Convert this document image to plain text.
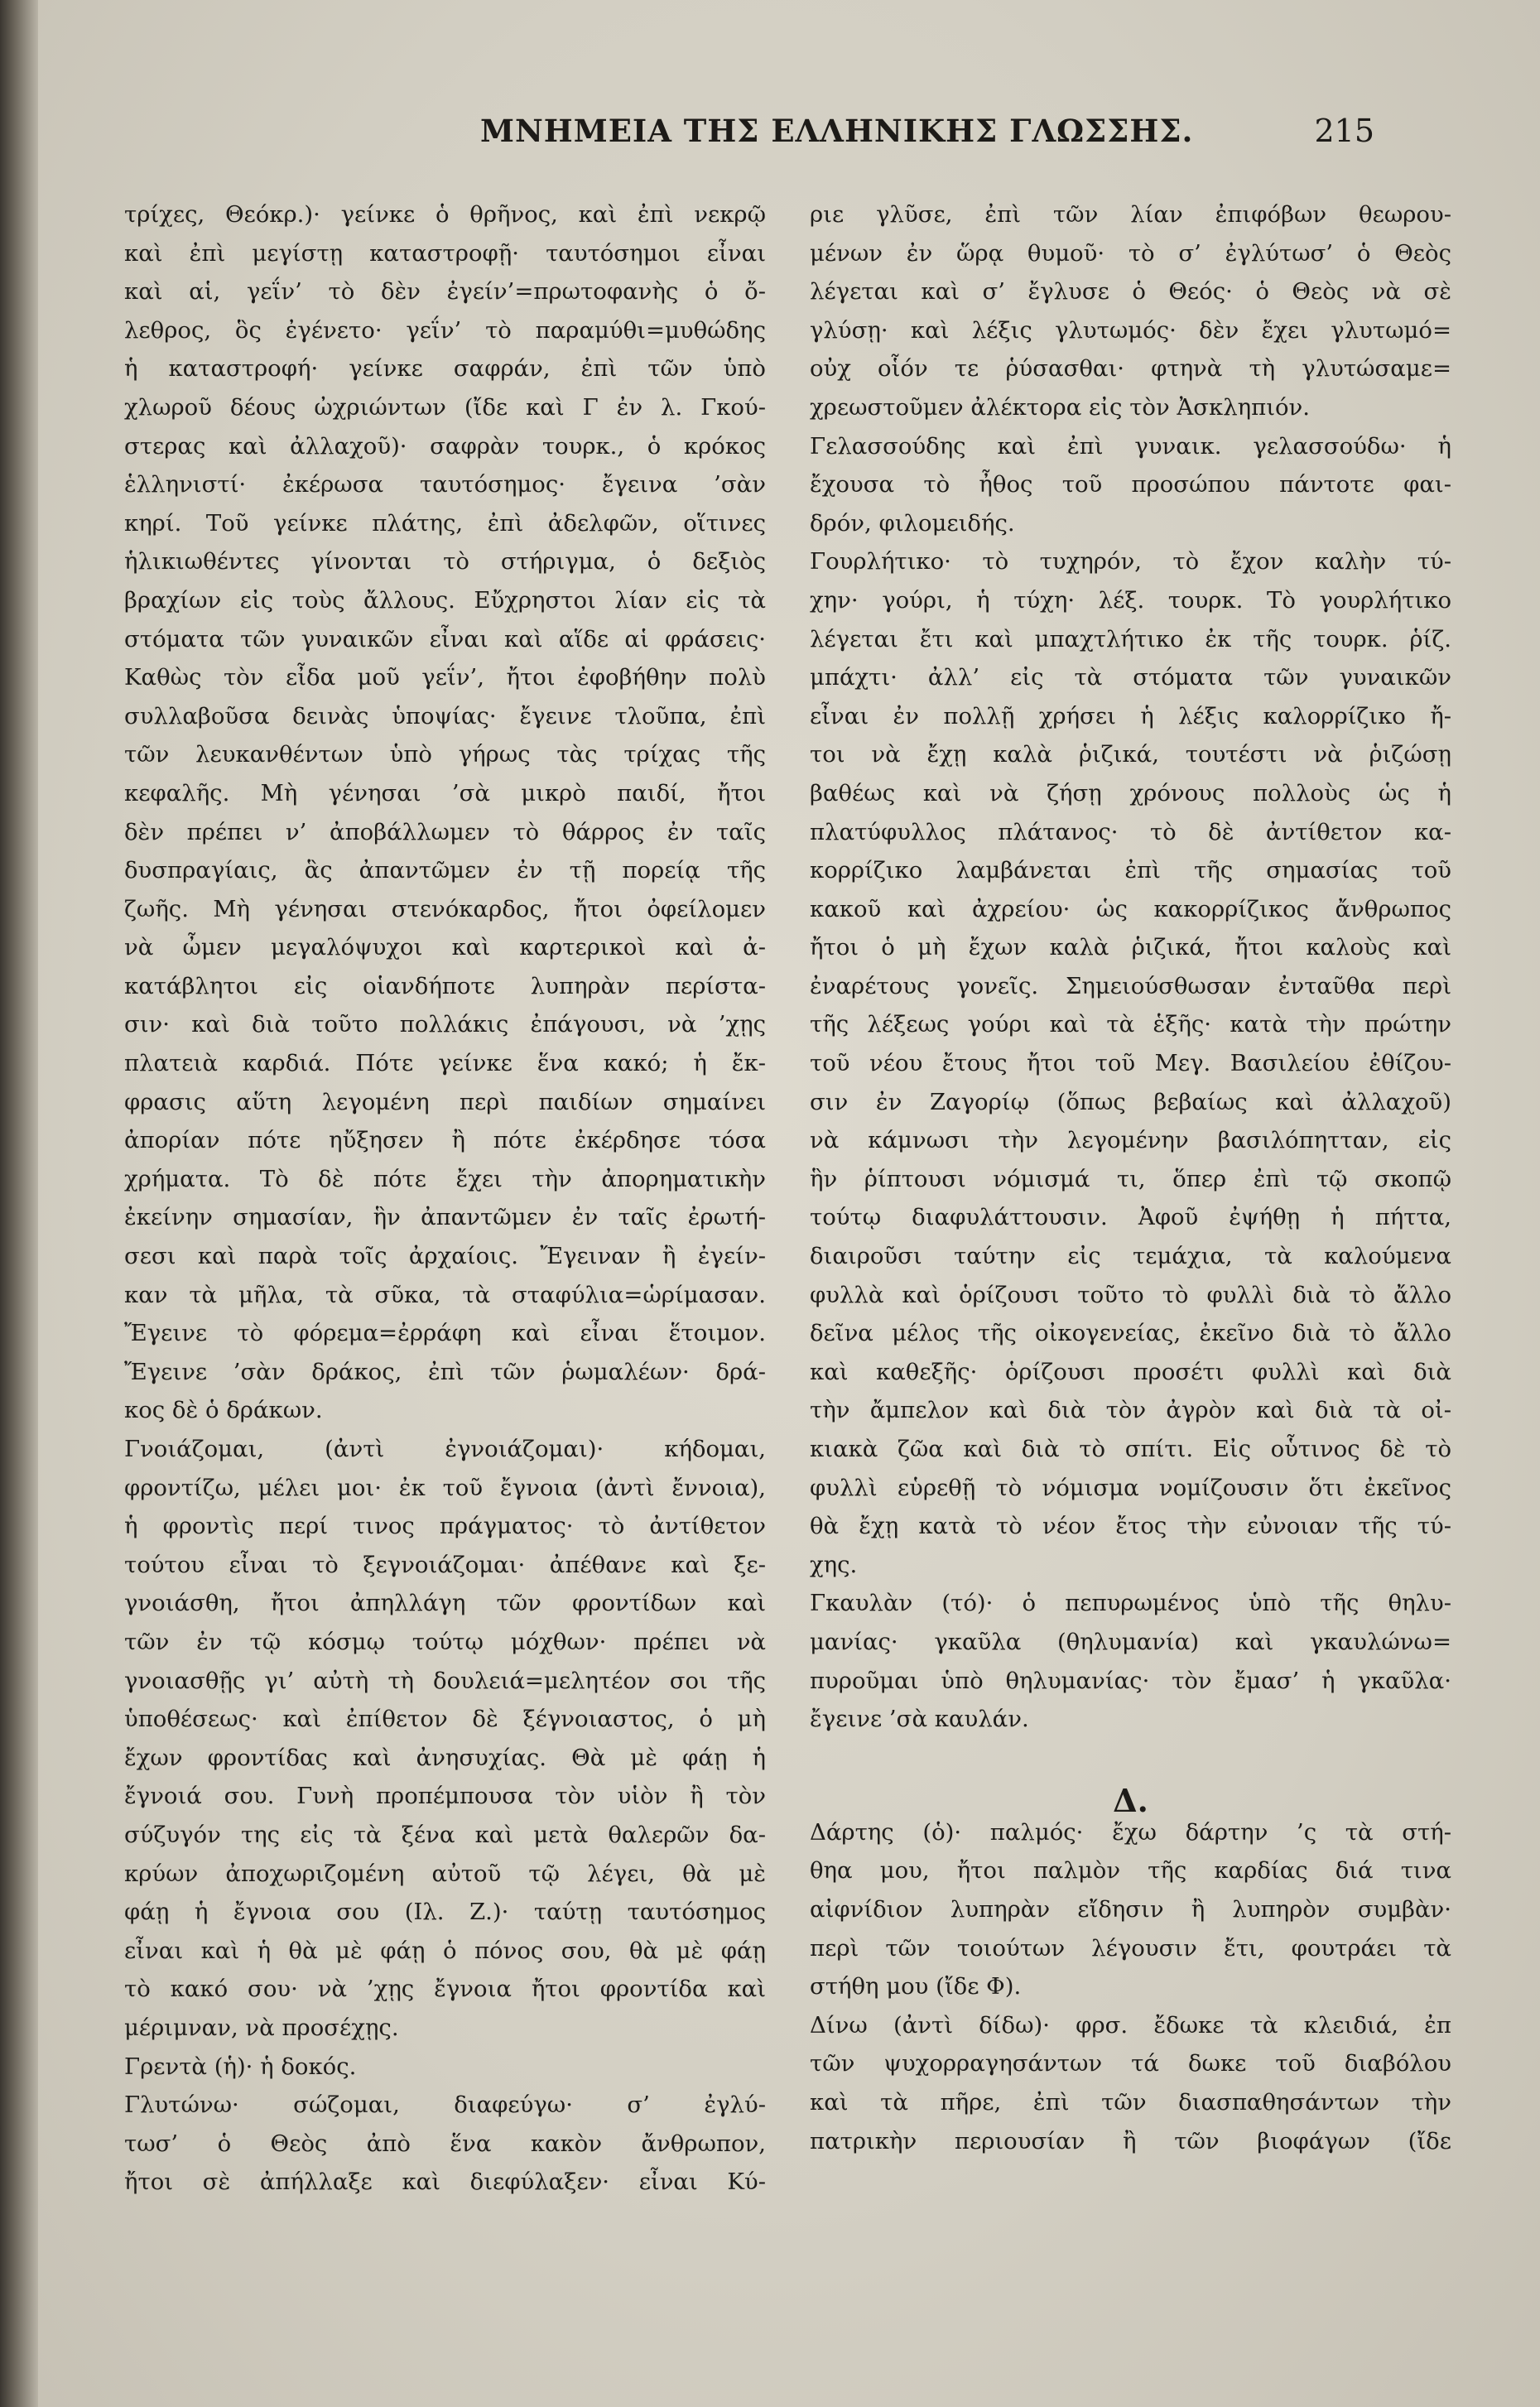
ΜΝΗΜΕΙΑ ΤΗΣ ΕΛΛΗΝΙΚΗΣ ΓΛΩΣΣΗΣ.	215
τρίχες, Θεόκρ.)· γείνκε ὁ θρῆνος, καὶ ἐπὶ νεκρῷ
καὶ ἐπὶ μεγίστῃ καταστροφῇ· ταυτόσημοι εἶναι
καὶ αἱ, γεΐν’ τὸ δὲν ἐγείν’=πρωτοφανὴς ὁ ὄ-
λεθρος, ὃς ἐγένετο· γεΐν’ τὸ παραμύθι=μυθώδης
ἡ καταστροφή· γείνκε σαφράν, ἐπὶ τῶν ὑπὸ
χλωροῦ δέους ὠχριώντων (ἴδε καὶ Γ ἐν λ. Γκού-
στερας καὶ ἀλλαχοῦ)· σαφρὰν τουρκ., ὁ κρόκος
ἑλληνιστί· ἐκέρωσα ταυτόσημος· ἔγεινα ’σὰν
κηρί. Τοῦ γείνκε πλάτης, ἐπὶ ἀδελφῶν, οἵτινες
ἡλικιωθέντες γίνονται τὸ στήριγμα, ὁ δεξιὸς
βραχίων εἰς τοὺς ἄλλους. Εὔχρηστοι λίαν εἰς τὰ
στόματα τῶν γυναικῶν εἶναι καὶ αἵδε αἱ φράσεις·
Καθὼς τὸν εἶδα μοῦ γεΐν’, ἤτοι ἐφοβήθην πολὺ
συλλαβοῦσα δεινὰς ὑποψίας· ἔγεινε τλοῦπα, ἐπὶ
τῶν λευκανθέντων ὑπὸ γήρως τὰς τρίχας τῆς
κεφαλῆς. Μὴ γένησαι ’σὰ μικρὸ παιδί, ἤτοι
δὲν πρέπει ν’ ἀποβάλλωμεν τὸ θάρρος ἐν ταῖς
δυσπραγίαις, ἃς ἀπαντῶμεν ἐν τῇ πορείᾳ τῆς
ζωῆς. Μὴ γένησαι στενόκαρδος, ἤτοι ὀφείλομεν
νὰ ὦμεν μεγαλόψυχοι καὶ καρτερικοὶ καὶ ἀ-
κατάβλητοι εἰς οἱανδήποτε λυπηρὰν περίστα-
σιν· καὶ διὰ τοῦτο πολλάκις ἐπάγουσι, νὰ ’χῃς
πλατειὰ καρδιά. Πότε γείνκε ἕνα κακό; ἡ ἔκ-
φρασις αὕτη λεγομένη περὶ παιδίων σημαίνει
ἀπορίαν πότε ηὔξησεν ἢ πότε ἐκέρδησε τόσα
χρήματα. Τὸ δὲ πότε ἔχει τὴν ἀπορηματικὴν
ἐκείνην σημασίαν, ἣν ἀπαντῶμεν ἐν ταῖς ἐρωτή-
σεσι καὶ παρὰ τοῖς ἀρχαίοις. Ἔγειναν ἢ ἐγείν-
καν τὰ μῆλα, τὰ σῦκα, τὰ σταφύλια=ὡρίμασαν.
Ἔγεινε τὸ φόρεμα=ἐρράφη καὶ εἶναι ἕτοιμον.
Ἔγεινε ’σὰν δράκος, ἐπὶ τῶν ῥωμαλέων· δρά-
κος δὲ ὁ δράκων.
Γνοιάζομαι, (ἀντὶ ἐγνοιάζομαι)· κήδομαι,
φροντίζω, μέλει μοι· ἐκ τοῦ ἔγνοια (ἀντὶ ἔννοια),
ἡ φροντὶς περί τινος πράγματος· τὸ ἀντίθετον
τούτου εἶναι τὸ ξεγνοιάζομαι· ἀπέθανε καὶ ξε-
γνοιάσθη, ἤτοι ἀπηλλάγη τῶν φροντίδων καὶ
τῶν ἐν τῷ κόσμῳ τούτῳ μόχθων· πρέπει νὰ
γνοιασθῇς γι’ αὐτὴ τὴ δουλειά=μελητέον σοι τῆς
ὑποθέσεως· καὶ ἐπίθετον δὲ ξέγνοιαστος, ὁ μὴ
ἔχων φροντίδας καὶ ἀνησυχίας. Θὰ μὲ φάῃ ἡ
ἔγνοιά σου. Γυνὴ προπέμπουσα τὸν υἱὸν ἢ τὸν
σύζυγόν της εἰς τὰ ξένα καὶ μετὰ θαλερῶν δα-
κρύων ἀποχωριζομένη αὐτοῦ τῷ λέγει, θὰ μὲ
φάῃ ἡ ἔγνοια σου (Ιλ. Ζ.)· ταύτῃ ταυτόσημος
εἶναι καὶ ἡ θὰ μὲ φάῃ ὁ πόνος σου, θὰ μὲ φάῃ
τὸ κακό σου· νὰ ’χῃς ἔγνοια ἤτοι φροντίδα καὶ
μέριμναν, νὰ προσέχῃς.
Γρεντὰ (ἡ)· ἡ δοκός.
Γλυτώνω· σώζομαι, διαφεύγω· σ’ ἐγλύ-
τωσ’ ὁ Θεὸς ἀπὸ ἕνα κακὸν ἄνθρωπον,
ἤτοι σὲ ἀπήλλαξε καὶ διεφύλαξεν· εἶναι Κύ-
ριε γλῦσε, ἐπὶ τῶν λίαν ἐπιφόβων θεωρου-
μένων ἐν ὥρᾳ θυμοῦ· τὸ σ’ ἐγλύτωσ’ ὁ Θεὸς
λέγεται καὶ σ’ ἔγλυσε ὁ Θεός· ὁ Θεὸς νὰ σὲ
γλύσῃ· καὶ λέξις γλυτωμός· δὲν ἔχει γλυτωμό=
οὐχ οἷόν τε ῥύσασθαι· φτηνὰ τὴ γλυτώσαμε=
χρεωστοῦμεν ἀλέκτορα εἰς τὸν Ἀσκληπιόν.
Γελασσούδης καὶ ἐπὶ γυναικ. γελασσούδω· ἡ
ἔχουσα τὸ ἦθος τοῦ προσώπου πάντοτε φαι-
δρόν, φιλομειδής.
Γουρλήτικο· τὸ τυχηρόν, τὸ ἔχον καλὴν τύ-
χην· γούρι, ἡ τύχη· λέξ. τουρκ. Τὸ γουρλήτικο
λέγεται ἔτι καὶ μπαχτλήτικο ἐκ τῆς τουρκ. ῥίζ.
μπάχτι· ἀλλ’ εἰς τὰ στόματα τῶν γυναικῶν
εἶναι ἐν πολλῇ χρήσει ἡ λέξις καλορρίζικο ἤ-
τοι νὰ ἔχῃ καλὰ ῥιζικά, τουτέστι νὰ ῥιζώσῃ
βαθέως καὶ νὰ ζήσῃ χρόνους πολλοὺς ὡς ἡ
πλατύφυλλος πλάτανος· τὸ δὲ ἀντίθετον κα-
κορρίζικο λαμβάνεται ἐπὶ τῆς σημασίας τοῦ
κακοῦ καὶ ἀχρείου· ὡς κακορρίζικος ἄνθρωπος
ἤτοι ὁ μὴ ἔχων καλὰ ῥιζικά, ἤτοι καλοὺς καὶ
ἐναρέτους γονεῖς. Σημειούσθωσαν ἐνταῦθα περὶ
τῆς λέξεως γούρι καὶ τὰ ἑξῆς· κατὰ τὴν πρώτην
τοῦ νέου ἔτους ἤτοι τοῦ Μεγ. Βασιλείου ἐθίζου-
σιν ἐν Ζαγορίῳ (ὅπως βεβαίως καὶ ἀλλαχοῦ)
νὰ κάμνωσι τὴν λεγομένην βασιλόπητταν, εἰς
ἣν ῥίπτουσι νόμισμά τι, ὅπερ ἐπὶ τῷ σκοπῷ
τούτῳ διαφυλάττουσιν. Ἀφοῦ ἐψήθῃ ἡ πήττα,
διαιροῦσι ταύτην εἰς τεμάχια, τὰ καλούμενα
φυλλὰ καὶ ὁρίζουσι τοῦτο τὸ φυλλὶ διὰ τὸ ἄλλο
δεῖνα μέλος τῆς οἰκογενείας, ἐκεῖνο διὰ τὸ ἄλλο
καὶ καθεξῆς· ὁρίζουσι προσέτι φυλλὶ καὶ διὰ
τὴν ἄμπελον καὶ διὰ τὸν ἀγρὸν καὶ διὰ τὰ οἰ-
κιακὰ ζῶα καὶ διὰ τὸ σπίτι. Εἰς οὗτινος δὲ τὸ
φυλλὶ εὑρεθῇ τὸ νόμισμα νομίζουσιν ὅτι ἐκεῖνος
θὰ ἔχῃ κατὰ τὸ νέον ἔτος τὴν εὐνοιαν τῆς τύ-
χης.
Γκαυλὰν (τό)· ὁ πεπυρωμένος ὑπὸ τῆς θηλυ-
μανίας· γκαῦλα (θηλυμανία) καὶ γκαυλώνω=
πυροῦμαι ὑπὸ θηλυμανίας· τὸν ἔμασ’ ἡ γκαῦλα·
ἔγεινε ’σὰ καυλάν.
Δ.
Δάρτης (ὁ)· παλμός· ἔχω δάρτην ’ς τὰ στή-
θηα μου, ἤτοι παλμὸν τῆς καρδίας διά τινα
αἰφνίδιον λυπηρὰν εἴδησιν ἢ λυπηρὸν συμβὰν·
περὶ τῶν τοιούτων λέγουσιν ἔτι, φουτράει τὰ
στήθη μου (ἴδε Φ).
Δίνω (ἀντὶ δίδω)· φρσ. ἔδωκε τὰ κλειδιά, ἐπ
τῶν ψυχορραγησάντων τά δωκε τοῦ διαβόλου
καὶ τὰ πῆρε, ἐπὶ τῶν διασπαθησάντων τὴν
πατρικὴν περιουσίαν ἢ τῶν βιοφάγων (ἴδε
